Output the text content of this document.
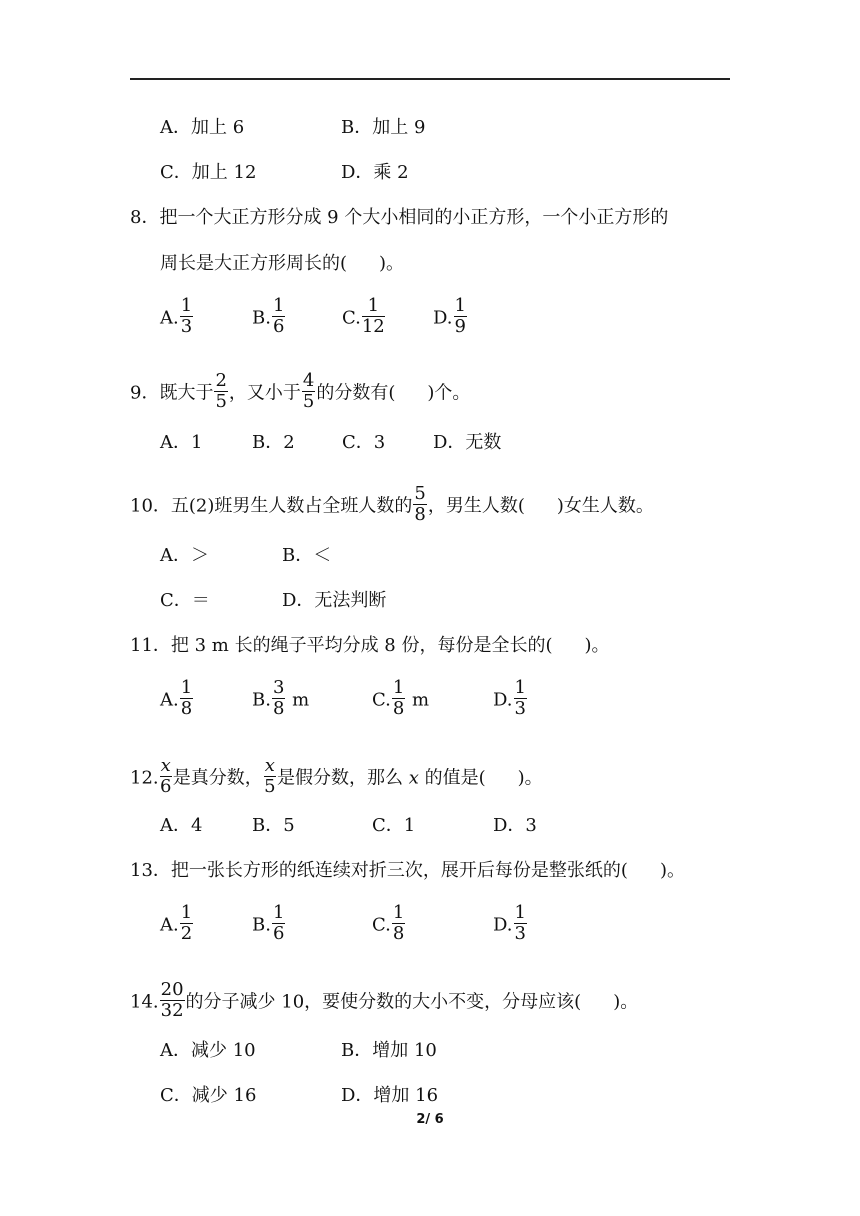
A．加上 6	B．加上 9
C．加上 12	D．乘 2
8．把一个大正方形分成 9 个大小相同的小正方形，一个小正方形的
周长是大正方形周长的( )。
A. $\frac{1}{3}$	B. $\frac{1}{6}$	C. $\frac{1}{12}$	D. $\frac{1}{9}$
9．既大于 $\frac{2}{5}$ ，又小于 $\frac{4}{5}$ 的分数有( )个。
A．1	B．2	C．3	D．无数
10．五(2)班男生人数占全班人数的 $\frac{5}{8}$ ，男生人数( )女生人数。
A．＞	B．＜
C．＝	D．无法判断
11．把 3 m 长的绳子平均分成 8 份，每份是全长的( )。
A. $\frac{1}{8}$	B. $\frac{3}{8}$ m	C. $\frac{1}{8}$ m	D. $\frac{1}{3}$
12. $\frac{x}{6}$ 是真分数， $\frac{x}{5}$ 是假分数，那么 x 的值是( )。
A．4	B．5	C．1	D．3
13．把一张长方形的纸连续对折三次，展开后每份是整张纸的( )。
A. $\frac{1}{2}$	B. $\frac{1}{6}$	C. $\frac{1}{8}$	D. $\frac{1}{3}$
14. $\frac{20}{32}$ 的分子减少 10，要使分数的大小不变，分母应该( )。
A．减少 10	B．增加 10
C．减少 16	D．增加 16
2/ 6
